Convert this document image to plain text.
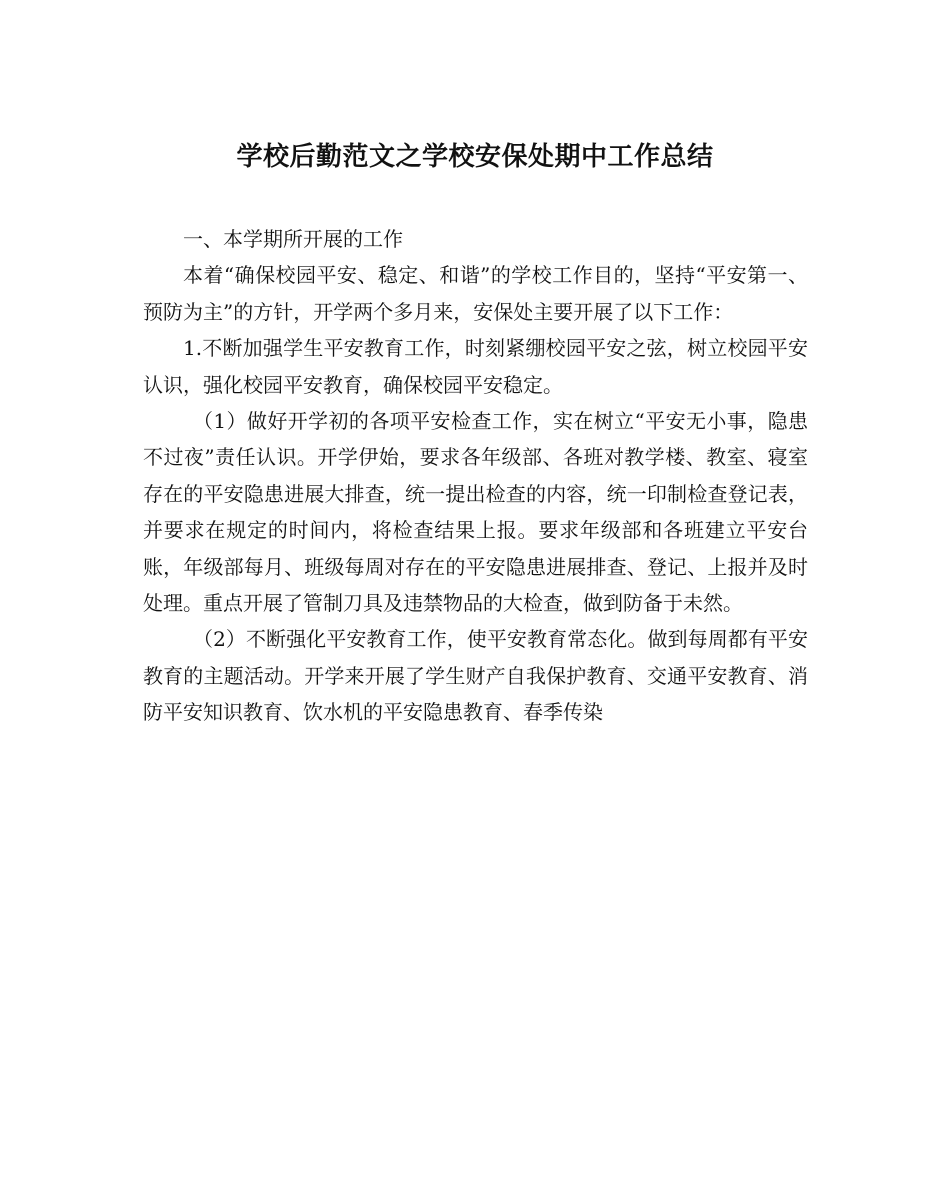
学校后勤范文之学校安保处期中工作总结

一、本学期所开展的工作

本着“确保校园平安、稳定、和谐”的学校工作目的，坚持“平安第一、预防为主”的方针，开学两个多月来，安保处主要开展了以下工作：

1.不断加强学生平安教育工作，时刻紧绷校园平安之弦，树立校园平安认识，强化校园平安教育，确保校园平安稳定。

（1）做好开学初的各项平安检查工作，实在树立“平安无小事，隐患不过夜”责任认识。开学伊始，要求各年级部、各班对教学楼、教室、寝室存在的平安隐患进展大排查，统一提出检查的内容，统一印制检查登记表，并要求在规定的时间内，将检查结果上报。要求年级部和各班建立平安台账，年级部每月、班级每周对存在的平安隐患进展排查、登记、上报并及时处理。重点开展了管制刀具及违禁物品的大检查，做到防备于未然。

（2）不断强化平安教育工作，使平安教育常态化。做到每周都有平安教育的主题活动。开学来开展了学生财产自我保护教育、交通平安教育、消防平安知识教育、饮水机的平安隐患教育、春季传染
